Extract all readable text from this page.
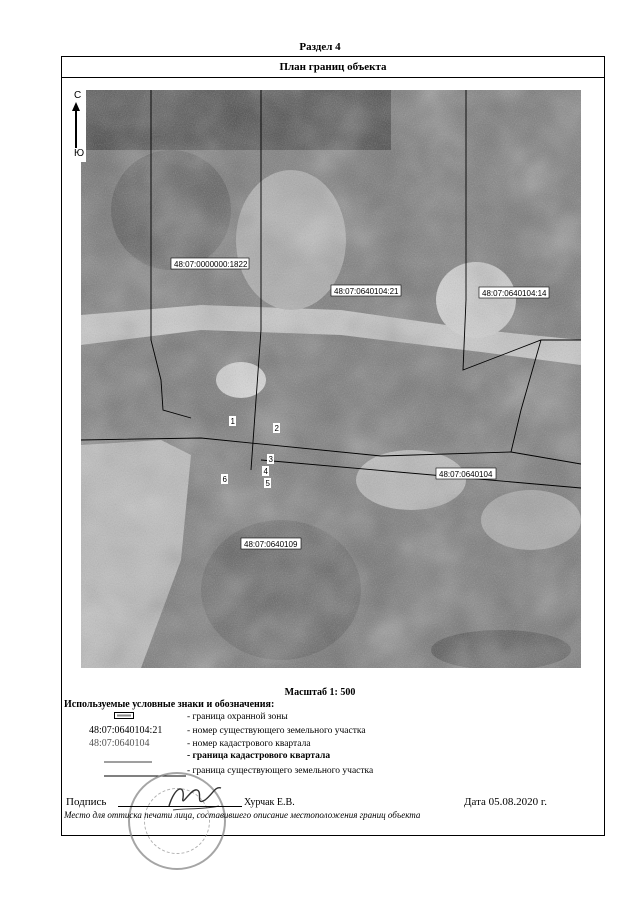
Раздел 4
План границ объекта
48:07:0000000:1822
48:07:0640104:21	48:07:0640104:14
48:07:0640104
48:07:0640109
1
2
3
4
5
6
С
Ю
Масштаб 1: 500
Используемые условные знаки и обозначения:
- граница охранной зоны
48:07:0640104:21	- номер существующего земельного участка
48:07:0640104	- номер кадастрового квартала
- граница кадастрового квартала
- граница существующего земельного участка
Подпись	Хурчак Е.В.	Дата 05.08.2020 г.
Место для оттиска печати лица, составившего описание местоположения границ объекта
